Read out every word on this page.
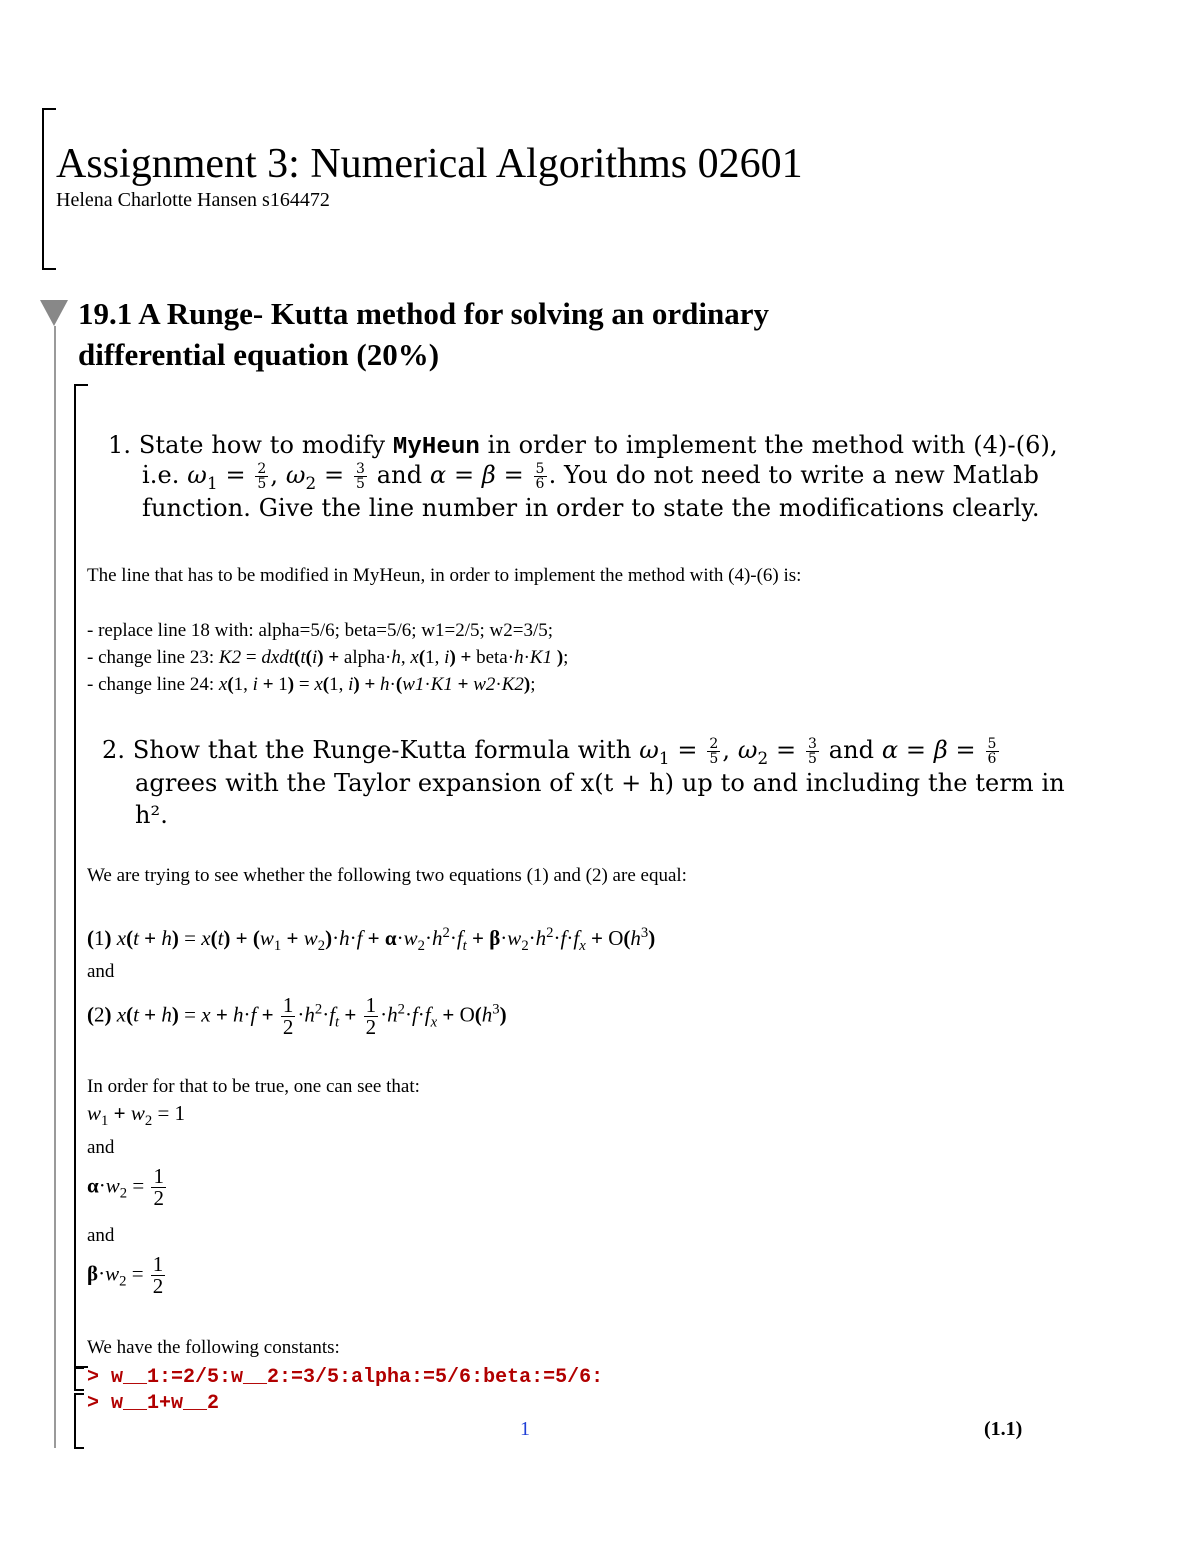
Assignment 3: Numerical Algorithms 02601
Helena Charlotte Hansen s164472
19.1 A Runge- Kutta method for solving an ordinary
differential equation (20%)
1. State how to modify MyHeun in order to implement the method with (4)-(6),
i.e. $\omega_1 = \frac{2}{5}$ , $\omega_2 = \frac{3}{5}$ and $\alpha = \beta = \frac{5}{6}$ . You do not need to write a new Matlab
function. Give the line number in order to state the modifications clearly.
The line that has to be modified in MyHeun, in order to implement the method with (4)-(6) is:
- replace line 18 with: alpha=5/6; beta=5/6; w1=2/5; w2=3/5;
- change line 23: K2 = dxdt(t(i) + alpha·h, x(1, i) + beta·h·K1 );
- change line 24: x(1, i + 1) = x(1, i) + h·(w1·K1 + w2·K2);
2. Show that the Runge-Kutta formula with $\omega_1 = \frac{2}{5}$ , $\omega_2 = \frac{3}{5}$ and $\alpha = \beta = \frac{5}{6}$
agrees with the Taylor expansion of x(t + h) up to and including the term in
h².
We are trying to see whether the following two equations (1) and (2) are equal:
(1) $x(t + h) = x(t) + (w_1 + w_2)\cdot h\cdot f + \alpha\cdot w_2\cdot h^2\cdot f_t + \beta\cdot w_2\cdot h^2\cdot f\cdot f_x + O(h^3)$
and
(2) $x(t + h) = x + h\cdot f + \frac{1}{2} \cdot h^2\cdot f_t + \frac{1}{2} \cdot h^2\cdot f\cdot f_x + O(h^3)$
In order for that to be true, one can see that:
$w_1 + w_2 = 1$
and
$\alpha\cdot w_2 = \frac{1}{2}$
and
$\beta\cdot w_2 = \frac{1}{2}$
We have the following constants:
> w__1:=2/5:w__2:=3/5:alpha:=5/6:beta:=5/6:
> w__1+w__2
1	(1.1)
